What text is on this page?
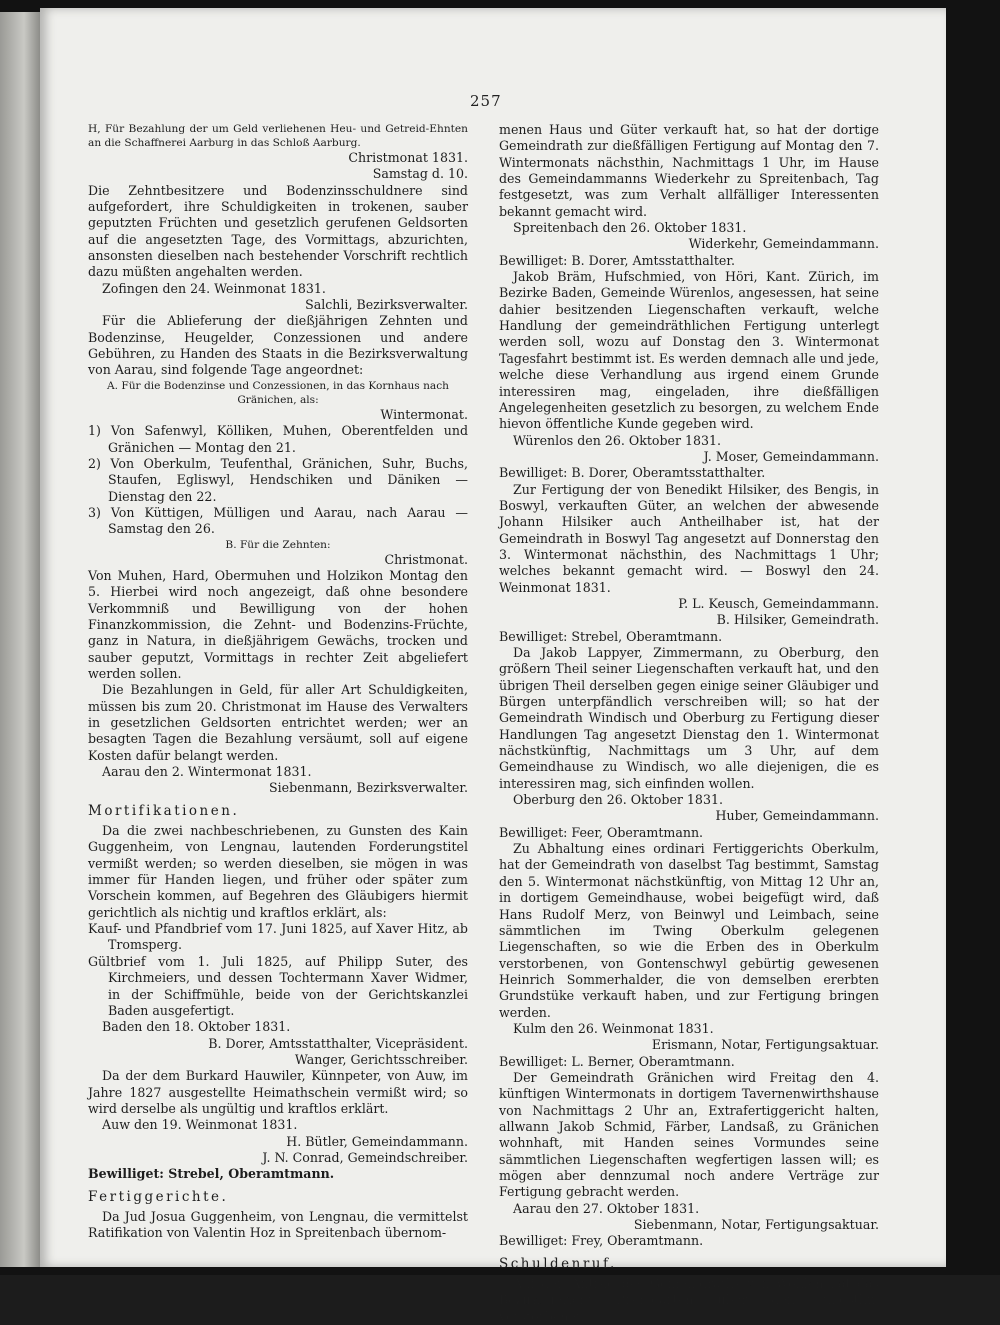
257

H, Für Bezahlung der um Geld verliehenen Heu- und Getreid-Ehnten an die Schaffnerei Aarburg in das Schloß Aarburg.

Christmonat 1831.

Samstag d. 10.

Die Zehntbesitzere und Bodenzinsschuldnere sind aufgefordert, ihre Schuldigkeiten in trokenen, sauber geputzten Früchten und gesetzlich gerufenen Geldsorten auf die angesetzten Tage, des Vormittags, abzurichten, ansonsten dieselben nach bestehender Vorschrift rechtlich dazu müßten angehalten werden.

Zofingen den 24. Weinmonat 1831.

Salchli, Bezirksverwalter.

Für die Ablieferung der dießjährigen Zehnten und Bodenzinse, Heugelder, Conzessionen und andere Gebühren, zu Handen des Staats in die Bezirksverwaltung von Aarau, sind folgende Tage angeordnet:

A. Für die Bodenzinse und Conzessionen, in das Kornhaus nach Gränichen, als:

Wintermonat.

1) Von Safenwyl, Kölliken, Muhen, Oberentfelden und Gränichen — Montag den 21.

2) Von Oberkulm, Teufenthal, Gränichen, Suhr, Buchs, Staufen, Egliswyl, Hendschiken und Däniken — Dienstag den 22.

3) Von Küttigen, Mülligen und Aarau, nach Aarau — Samstag den 26.

B. Für die Zehnten:

Christmonat.

Von Muhen, Hard, Obermuhen und Holzikon Montag den 5. Hierbei wird noch angezeigt, daß ohne besondere Verkommniß und Bewilligung von der hohen Finanzkommission, die Zehnt- und Bodenzins-Früchte, ganz in Natura, in dießjährigem Gewächs, trocken und sauber geputzt, Vormittags in rechter Zeit abgeliefert werden sollen.

Die Bezahlungen in Geld, für aller Art Schuldigkeiten, müssen bis zum 20. Christmonat im Hause des Verwalters in gesetzlichen Geldsorten entrichtet werden; wer an besagten Tagen die Bezahlung versäumt, soll auf eigene Kosten dafür belangt werden.

Aarau den 2. Wintermonat 1831.

Siebenmann, Bezirksverwalter.

Mortifikationen.

Da die zwei nachbeschriebenen, zu Gunsten des Kain Guggenheim, von Lengnau, lautenden Forderungstitel vermißt werden; so werden dieselben, sie mögen in was immer für Handen liegen, und früher oder später zum Vorschein kommen, auf Begehren des Gläubigers hiermit gerichtlich als nichtig und kraftlos erklärt, als:

Kauf- und Pfandbrief vom 17. Juni 1825, auf Xaver Hitz, ab Tromsperg.

Gültbrief vom 1. Juli 1825, auf Philipp Suter, des Kirchmeiers, und dessen Tochtermann Xaver Widmer, in der Schiffmühle, beide von der Gerichtskanzlei Baden ausgefertigt.

Baden den 18. Oktober 1831.

B. Dorer, Amtsstatthalter, Vicepräsident.

Wanger, Gerichtsschreiber.

Da der dem Burkard Hauwiler, Künnpeter, von Auw, im Jahre 1827 ausgestellte Heimathschein vermißt wird; so wird derselbe als ungültig und kraftlos erklärt.

Auw den 19. Weinmonat 1831.

H. Bütler, Gemeindammann.

J. N. Conrad, Gemeindschreiber.

Bewilliget: Strebel, Oberamtmann.

Fertiggerichte.

Da Jud Josua Guggenheim, von Lengnau, die vermittelst Ratifikation von Valentin Hoz in Spreitenbach übernom-

menen Haus und Güter verkauft hat, so hat der dortige Gemeindrath zur dießfälligen Fertigung auf Montag den 7. Wintermonats nächsthin, Nachmittags 1 Uhr, im Hause des Gemeindammanns Wiederkehr zu Spreitenbach, Tag festgesetzt, was zum Verhalt allfälliger Interessenten bekannt gemacht wird.

Spreitenbach den 26. Oktober 1831.

Widerkehr, Gemeindammann.

Bewilliget: B. Dorer, Amtsstatthalter.

Jakob Bräm, Hufschmied, von Höri, Kant. Zürich, im Bezirke Baden, Gemeinde Würenlos, angesessen, hat seine dahier besitzenden Liegenschaften verkauft, welche Handlung der gemeindräthlichen Fertigung unterlegt werden soll, wozu auf Donstag den 3. Wintermonat Tagesfahrt bestimmt ist. Es werden demnach alle und jede, welche diese Verhandlung aus irgend einem Grunde interessiren mag, eingeladen, ihre dießfälligen Angelegenheiten gesetzlich zu besorgen, zu welchem Ende hievon öffentliche Kunde gegeben wird.

Würenlos den 26. Oktober 1831.

J. Moser, Gemeindammann.

Bewilliget: B. Dorer, Oberamtsstatthalter.

Zur Fertigung der von Benedikt Hilsiker, des Bengis, in Boswyl, verkauften Güter, an welchen der abwesende Johann Hilsiker auch Antheilhaber ist, hat der Gemeindrath in Boswyl Tag angesetzt auf Donnerstag den 3. Wintermonat nächsthin, des Nachmittags 1 Uhr; welches bekannt gemacht wird. — Boswyl den 24. Weinmonat 1831.

P. L. Keusch, Gemeindammann.

B. Hilsiker, Gemeindrath.

Bewilliget: Strebel, Oberamtmann.

Da Jakob Lappyer, Zimmermann, zu Oberburg, den größern Theil seiner Liegenschaften verkauft hat, und den übrigen Theil derselben gegen einige seiner Gläubiger und Bürgen unterpfändlich verschreiben will; so hat der Gemeindrath Windisch und Oberburg zu Fertigung dieser Handlungen Tag angesetzt Dienstag den 1. Wintermonat nächstkünftig, Nachmittags um 3 Uhr, auf dem Gemeindhause zu Windisch, wo alle diejenigen, die es interessiren mag, sich einfinden wollen.

Oberburg den 26. Oktober 1831.

Huber, Gemeindammann.

Bewilliget: Feer, Oberamtmann.

Zu Abhaltung eines ordinari Fertiggerichts Oberkulm, hat der Gemeindrath von daselbst Tag bestimmt, Samstag den 5. Wintermonat nächstkünftig, von Mittag 12 Uhr an, in dortigem Gemeindhause, wobei beigefügt wird, daß Hans Rudolf Merz, von Beinwyl und Leimbach, seine sämmtlichen im Twing Oberkulm gelegenen Liegenschaften, so wie die Erben des in Oberkulm verstorbenen, von Gontenschwyl gebürtig gewesenen Heinrich Sommerhalder, die von demselben ererbten Grundstüke verkauft haben, und zur Fertigung bringen werden.

Kulm den 26. Weinmonat 1831.

Erismann, Notar, Fertigungsaktuar.

Bewilliget: L. Berner, Oberamtmann.

Der Gemeindrath Gränichen wird Freitag den 4. künftigen Wintermonats in dortigem Tavernenwirthshause von Nachmittags 2 Uhr an, Extrafertiggericht halten, allwann Jakob Schmid, Färber, Landsaß, zu Gränichen wohnhaft, mit Handen seines Vormundes seine sämmtlichen Liegenschaften wegfertigen lassen will; es mögen aber dennzumal noch andere Verträge zur Fertigung gebracht werden.

Aarau den 27. Oktober 1831.

Siebenmann, Notar, Fertigungsaktuar.

Bewilliget: Frey, Oberamtmann.

Schuldenruf.

Auf den Antrag des Gemeindraths von Wohlen hat das Bezirksgericht Bremgarten über den jüngsthin verstorbenen
